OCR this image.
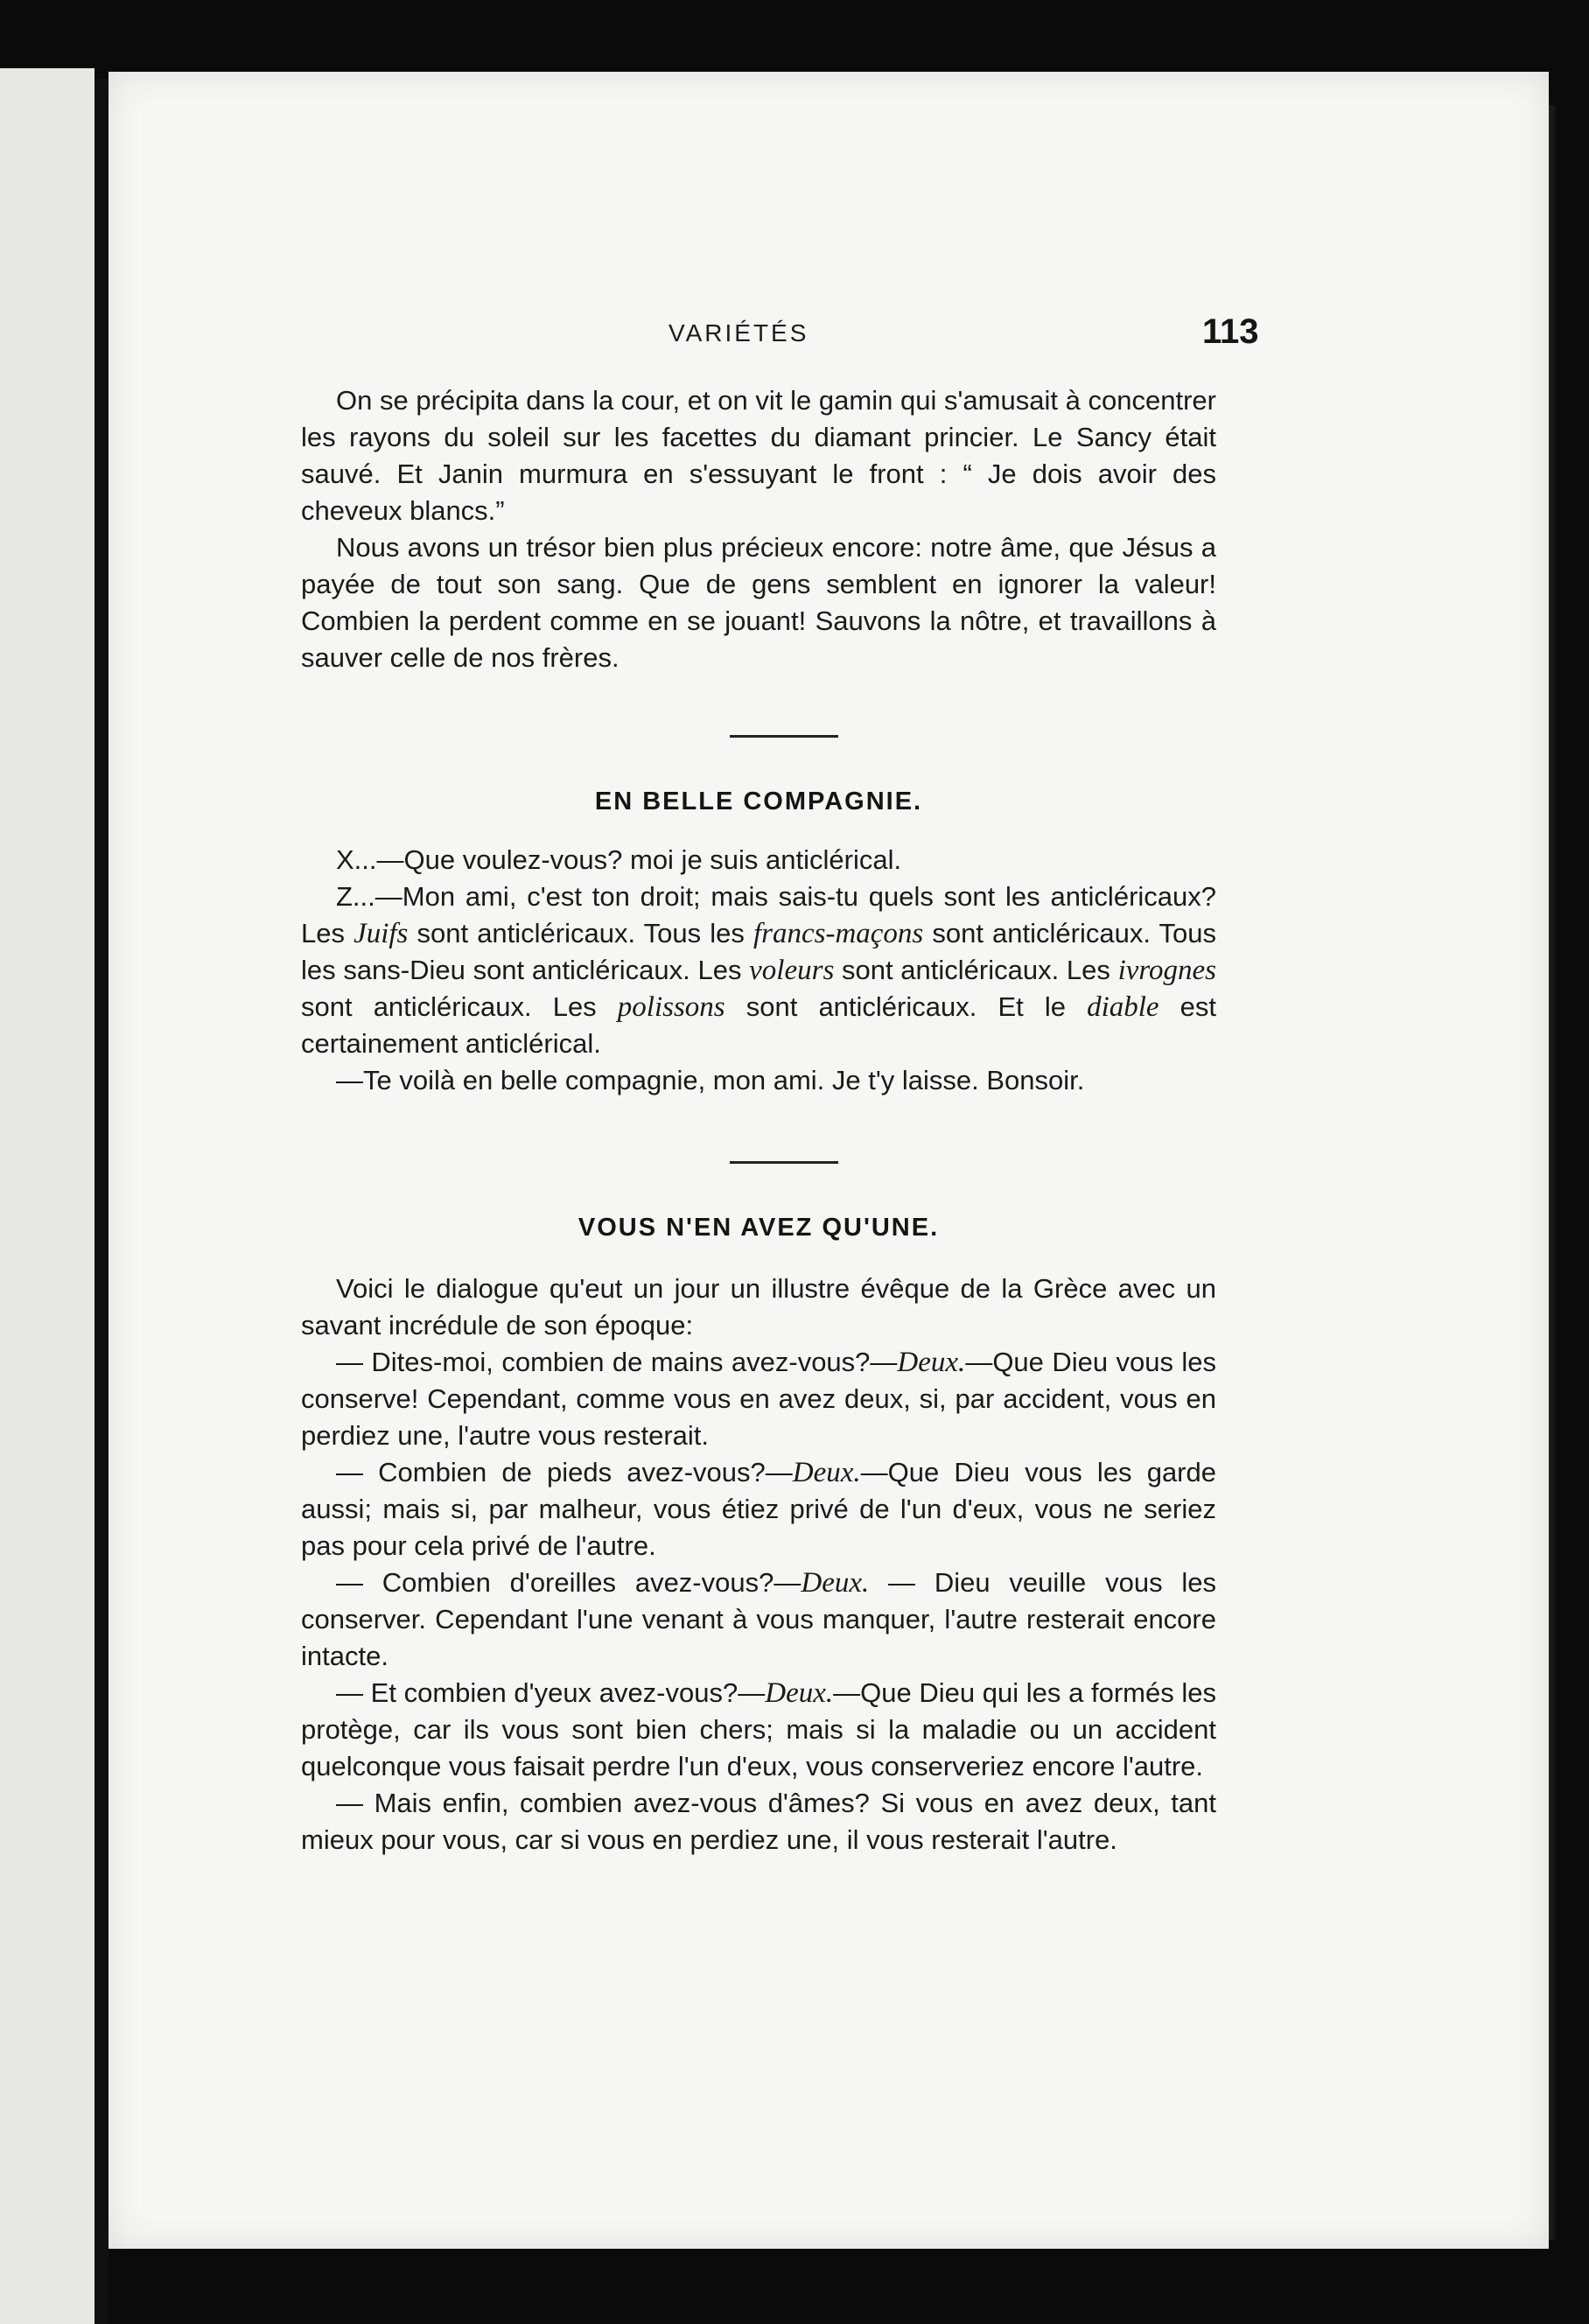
VARIÉTÉS	113

On se précipita dans la cour, et on vit le gamin qui s'amusait à concentrer les rayons du soleil sur les facettes du diamant princier. Le Sancy était sauvé. Et Janin murmura en s'essuyant le front : “ Je dois avoir des cheveux blancs.”

Nous avons un trésor bien plus précieux encore: notre âme, que Jésus a payée de tout son sang. Que de gens semblent en ignorer la valeur! Combien la perdent comme en se jouant! Sauvons la nôtre, et travaillons à sauver celle de nos frères.

EN BELLE COMPAGNIE.

X...—Que voulez-vous? moi je suis anticlérical.

Z...—Mon ami, c'est ton droit; mais sais-tu quels sont les anticléricaux? Les Juifs sont anticléricaux. Tous les francs-maçons sont anticléricaux. Tous les sans-Dieu sont anticléricaux. Les voleurs sont anticléricaux. Les ivrognes sont anticléricaux. Les polissons sont anticléricaux. Et le diable est certainement anticlérical.

—Te voilà en belle compagnie, mon ami. Je t'y laisse. Bonsoir.

VOUS N'EN AVEZ QU'UNE.

Voici le dialogue qu'eut un jour un illustre évêque de la Grèce avec un savant incrédule de son époque:

— Dites-moi, combien de mains avez-vous?—Deux.—Que Dieu vous les conserve! Cependant, comme vous en avez deux, si, par accident, vous en perdiez une, l'autre vous resterait.

— Combien de pieds avez-vous?—Deux.—Que Dieu vous les garde aussi; mais si, par malheur, vous étiez privé de l'un d'eux, vous ne seriez pas pour cela privé de l'autre.

— Combien d'oreilles avez-vous?—Deux. — Dieu veuille vous les conserver. Cependant l'une venant à vous manquer, l'autre resterait encore intacte.

— Et combien d'yeux avez-vous?—Deux.—Que Dieu qui les a formés les protège, car ils vous sont bien chers; mais si la maladie ou un accident quelconque vous faisait perdre l'un d'eux, vous conserveriez encore l'autre.

— Mais enfin, combien avez-vous d'âmes? Si vous en avez deux, tant mieux pour vous, car si vous en perdiez une, il vous resterait l'autre.
